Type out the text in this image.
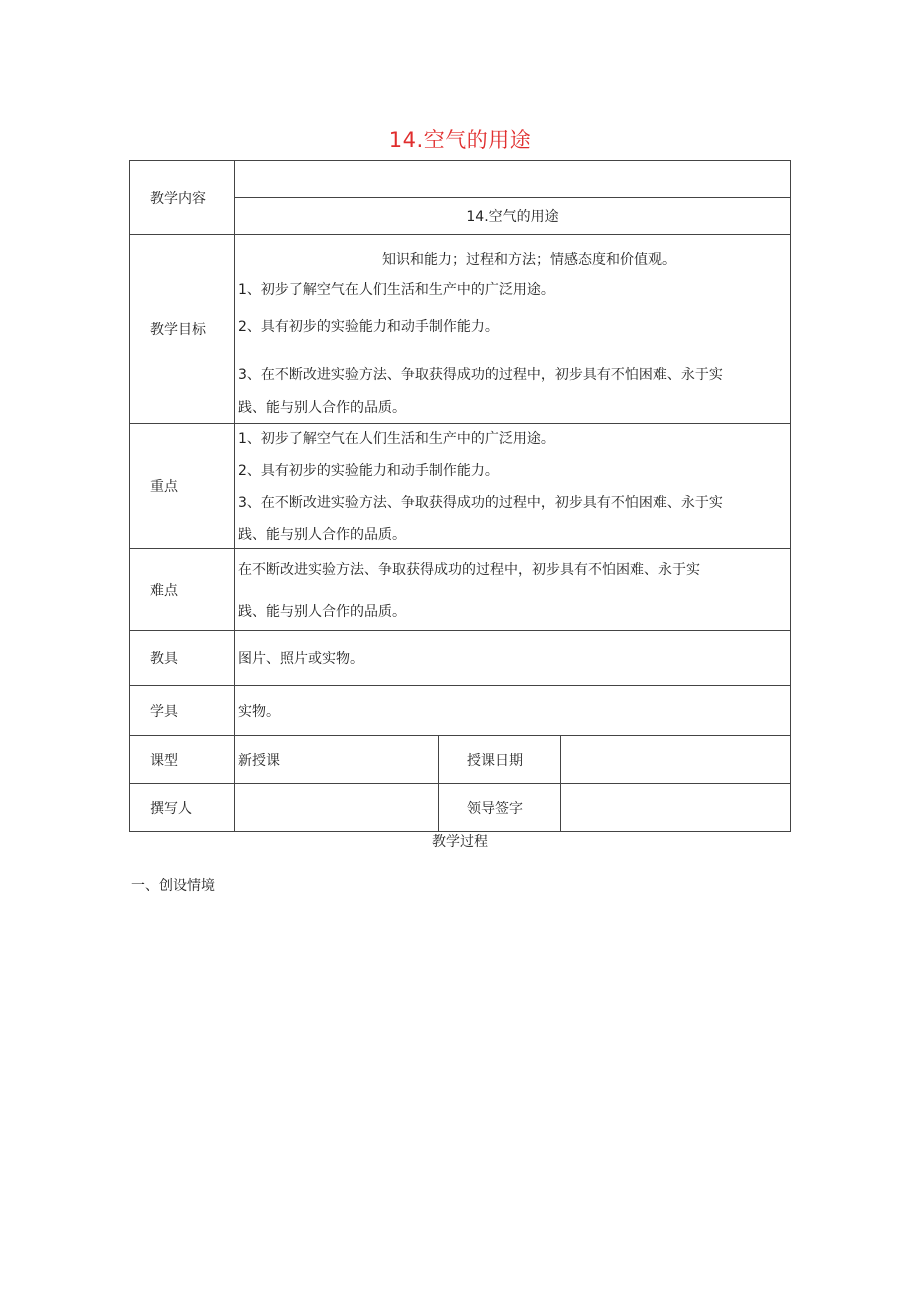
14.空气的用途
教学内容			
	14.空气的用途		
教学目标	知识和能力；过程和方法；情感态度和价值观。
1、初步了解空气在人们生活和生产中的广泛用途。
2、具有初步的实验能力和动手制作能力。
3、在不断改进实验方法、争取获得成功的过程中，初步具有不怕困难、永于实
践、能与别人合作的品质。		

重点	1、初步了解空气在人们生活和生产中的广泛用途。
2、具有初步的实验能力和动手制作能力。
3、在不断改进实验方法、争取获得成功的过程中，初步具有不怕困难、永于实
践、能与别人合作的品质。		

难点	在不断改进实验方法、争取获得成功的过程中，初步具有不怕困难、永于实
践、能与别人合作的品质。		

教具	图片、照片或实物。		
学具	实物。		
课型	新授课	授课日期	
撰写人		领导签字	
教学过程
一、创设情境
